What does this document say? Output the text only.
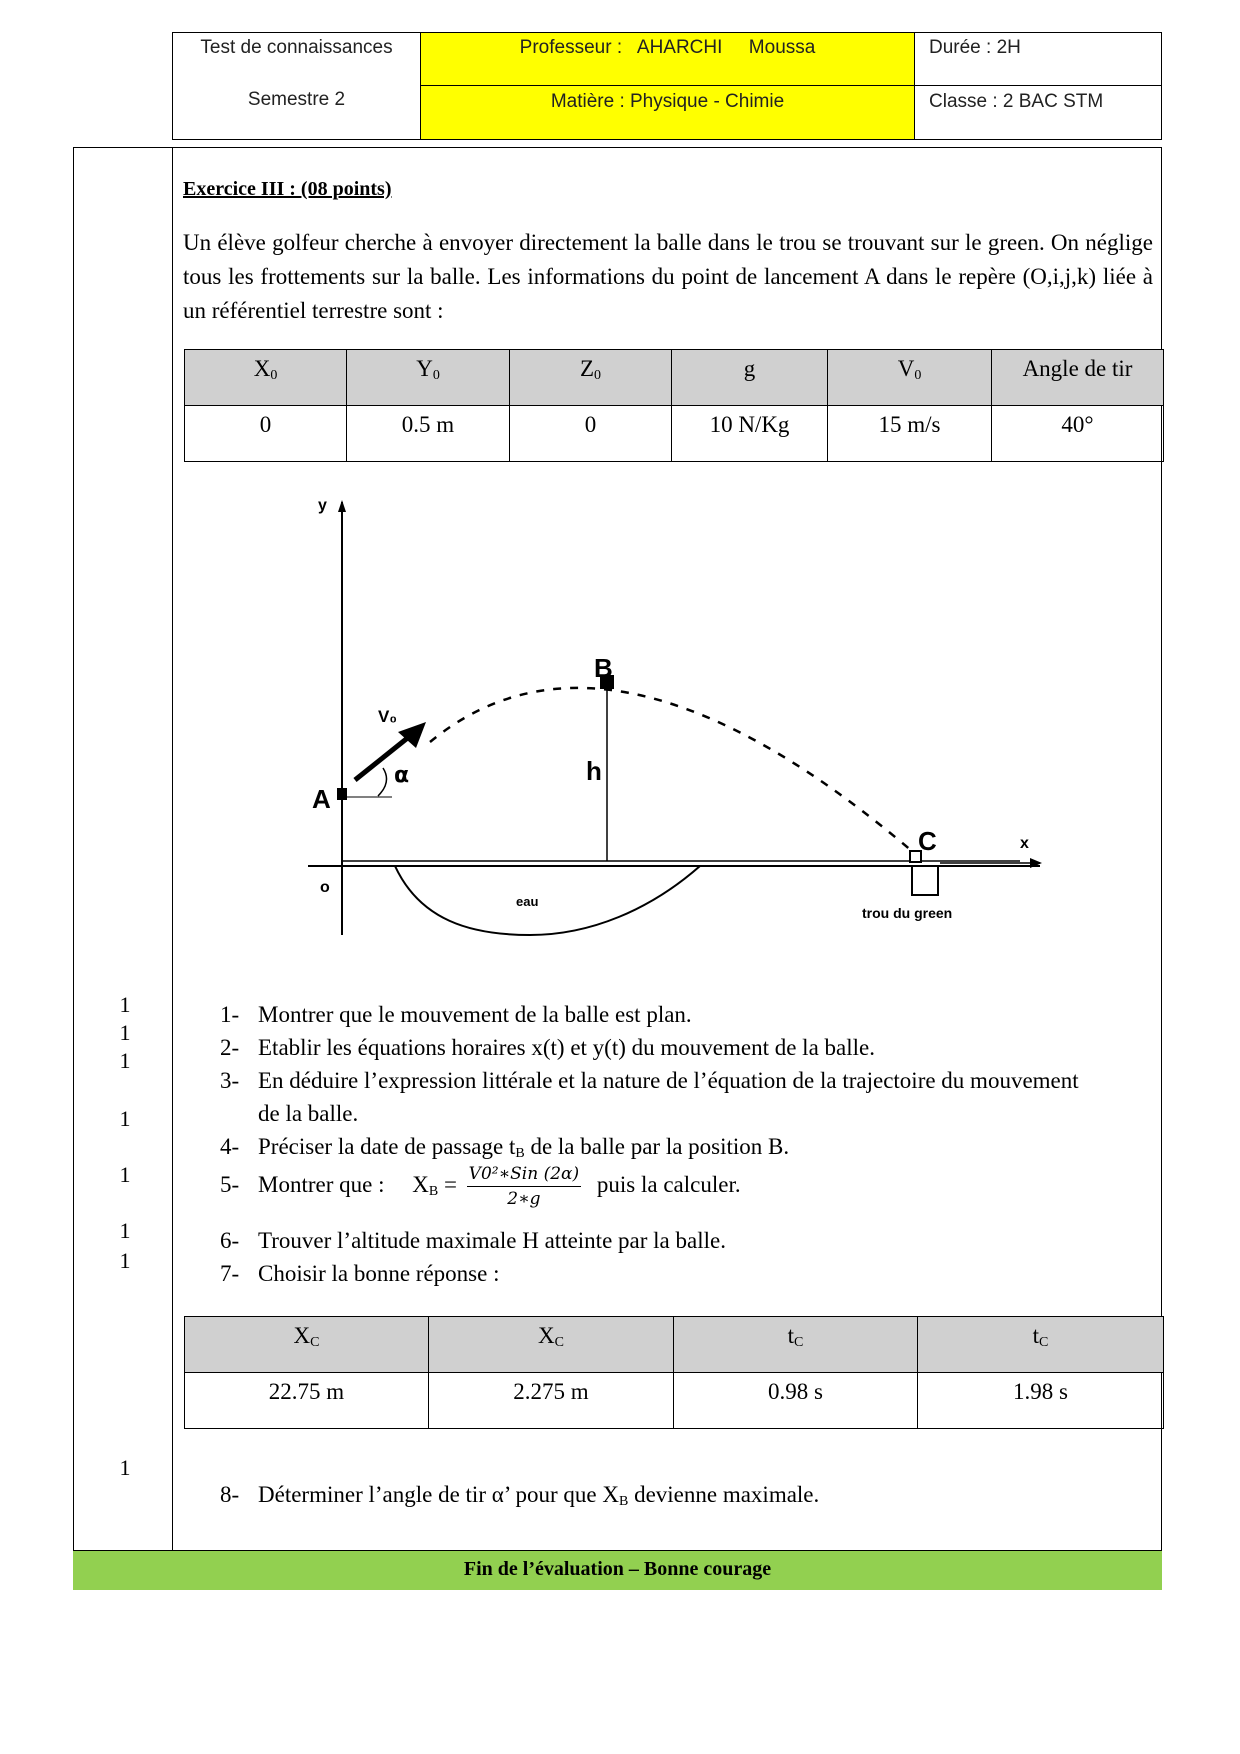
Test de connaissances
Semestre 2
Professeur :   AHARCHI     Moussa
Matière : Physique - Chimie
Durée : 2H
Classe : 2 BAC STM
Exercice III : (08 points)
Un élève golfeur cherche à envoyer directement la balle dans le trou se trouvant sur le green. On néglige tous les frottements sur la balle. Les informations du point de lancement A dans le repère (O,i,j,k) liée à un référentiel terrestre sont :
$X_0$	$Y_0$	$Z_0$	g	$V_0$	Angle de tir
0	0.5 m	0	10 N/Kg	15 m/s	40°
y
x
o
eau
trou du green
A
V₀
α
B
h
C
1
1
1
1
1
1
1
1
1- Montrer que le mouvement de la balle est plan.
2- Etablir les équations horaires x(t) et y(t) du mouvement de la balle.
3- En déduire l’expression littérale et la nature de l’équation de la trajectoire du mouvement
de la balle.
4- Préciser la date de passage $t_B$ de la balle par la position B.
5- Montrer que : $X_B = \frac{\text{V0²∗Sin (2α)}}{2∗g}$ puis la calculer.
6- Trouver l’altitude maximale H atteinte par la balle.
7- Choisir la bonne réponse :
$X_C$	$X_C$	$t_C$	$t_C$
22.75 m	2.275 m	0.98 s	1.98 s
8- Déterminer l’angle de tir α’ pour que $X_B$ devienne maximale.
Fin de l’évaluation – Bonne courage
